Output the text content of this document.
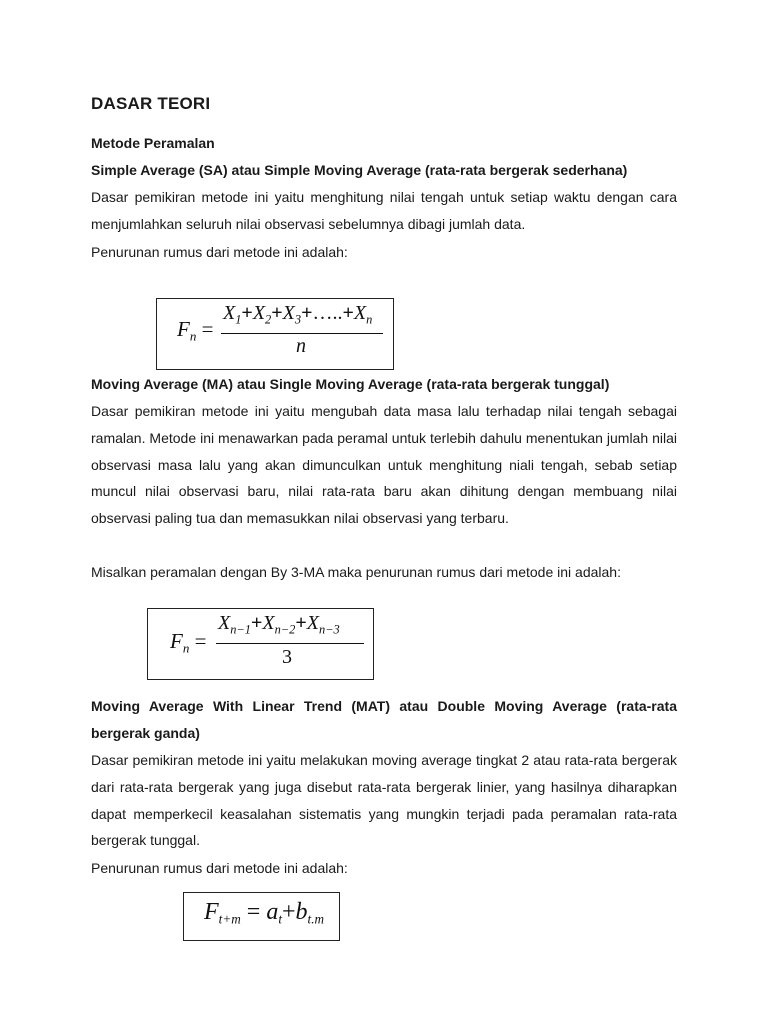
DASAR TEORI
Metode Peramalan
Simple Average (SA) atau Simple Moving Average (rata-rata bergerak sederhana)
Dasar pemikiran metode ini yaitu menghitung nilai tengah untuk setiap waktu dengan cara menjumlahkan seluruh nilai observasi sebelumnya dibagi jumlah data.
Penurunan rumus dari metode ini adalah:
$F_n$ =
$X_1+X_2+X_3+\dots..+X_n$
n
Moving Average (MA) atau Single Moving Average (rata-rata bergerak tunggal)
Dasar pemikiran metode ini yaitu mengubah data masa lalu terhadap nilai tengah sebagai ramalan. Metode ini menawarkan pada peramal untuk terlebih dahulu menentukan jumlah nilai observasi masa lalu yang akan dimunculkan untuk menghitung niali tengah, sebab setiap muncul nilai observasi baru, nilai rata-rata baru akan dihitung dengan membuang nilai observasi paling tua dan memasukkan nilai observasi yang terbaru.
Misalkan peramalan dengan By 3-MA maka penurunan rumus dari metode ini adalah:
$F_n$ =
$X_{n-1}+X_{n-2}+X_{n-3}$
3
Moving Average With Linear Trend (MAT) atau Double Moving Average (rata-rata bergerak ganda)
Dasar pemikiran metode ini yaitu melakukan moving average tingkat 2 atau rata-rata bergerak dari rata-rata bergerak yang juga disebut rata-rata bergerak linier, yang hasilnya diharapkan dapat memperkecil keasalahan sistematis yang mungkin terjadi pada peramalan rata-rata bergerak tunggal.
Penurunan rumus dari metode ini adalah:
$F_{t+m} = a_t+b_{t.m}$
